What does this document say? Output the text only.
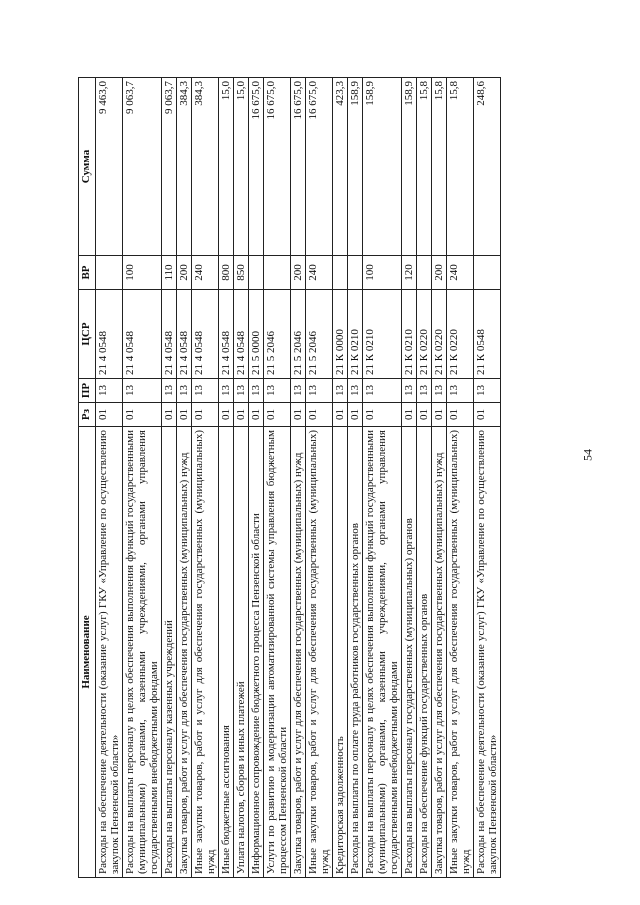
54
Наименование	Рз	ПР	ЦСР	ВР	Сумма
Расходы на обеспечение деятельности (оказание услуг) ГКУ «Управление по осуществлению закупок Пензенской области»	01	13	21 4 0548		9 463,0
Расходы на выплаты персоналу в целях обеспечения выполнения функций государственными (муниципальными) органами, казенными учреждениями, органами управления государственными внебюджетными фондами	01	13	21 4 0548	100	9 063,7
Расходы на выплаты персоналу казенных учреждений	01	13	21 4 0548	110	9 063,7
Закупка товаров, работ и услуг для обеспечения государственных (муниципальных) нужд	01	13	21 4 0548	200	384,3
Иные закупки товаров, работ и услуг для обеспечения государственных (муниципальных) нужд	01	13	21 4 0548	240	384,3
Иные бюджетные ассигнования	01	13	21 4 0548	800	15,0
Уплата налогов, сборов и иных платежей	01	13	21 4 0548	850	15,0
Информационное сопровождение бюджетного процесса Пензенской области	01	13	21 5 0000		16 675,0
Услуги по развитию и модернизации автоматизированной системы управления бюджетным процессом Пензенской области	01	13	21 5 2046		16 675,0
Закупка товаров, работ и услуг для обеспечения государственных (муниципальных) нужд	01	13	21 5 2046	200	16 675,0
Иные закупки товаров, работ и услуг для обеспечения государственных (муниципальных) нужд	01	13	21 5 2046	240	16 675,0
Кредиторская задолженность	01	13	21 К 0000		423,3
Расходы на выплаты по оплате труда работников государственных органов	01	13	21 К 0210		158,9
Расходы на выплаты персоналу в целях обеспечения выполнения функций государственными (муниципальными) органами, казенными учреждениями, органами управления государственными внебюджетными фондами	01	13	21 К 0210	100	158,9
Расходы на выплаты персоналу государственных (муниципальных) органов	01	13	21 К 0210	120	158,9
Расходы на обеспечение функций государственных органов	01	13	21 К 0220		15,8
Закупка товаров, работ и услуг для обеспечения государственных (муниципальных) нужд	01	13	21 К 0220	200	15,8
Иные закупки товаров, работ и услуг для обеспечения государственных (муниципальных) нужд	01	13	21 К 0220	240	15,8
Расходы на обеспечение деятельности (оказание услуг) ГКУ «Управление по осуществлению закупок Пензенской области»	01	13	21 К 0548		248,6
